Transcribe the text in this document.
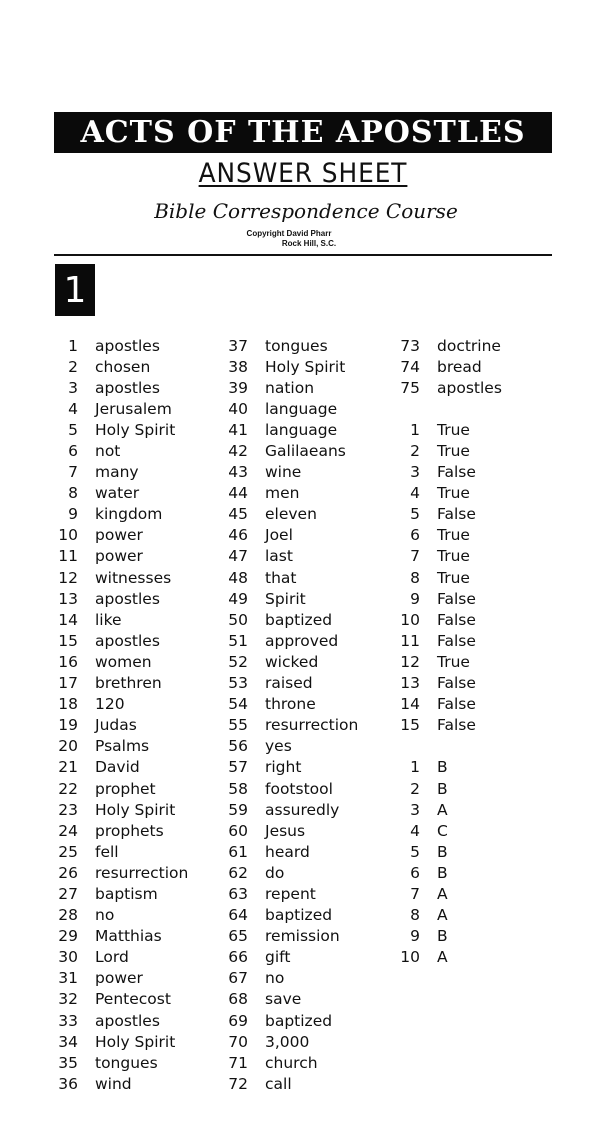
ACTS OF THE APOSTLES
ANSWER SHEET
Bible Correspondence Course
Copyright David Pharr
Rock Hill, S.C.
1
1 apostles
2 chosen
3 apostles
4 Jerusalem
5 Holy Spirit
6 not
7 many
8 water
9 kingdom
10 power
11 power
12 witnesses
13 apostles
14 like
15 apostles
16 women
17 brethren
18 120
19 Judas
20 Psalms
21 David
22 prophet
23 Holy Spirit
24 prophets
25 fell
26 resurrection
27 baptism
28 no
29 Matthias
30 Lord
31 power
32 Pentecost
33 apostles
34 Holy Spirit
35 tongues
36 wind
37 tongues
38 Holy Spirit
39 nation
40 language
41 language
42 Galilaeans
43 wine
44 men
45 eleven
46 Joel
47 last
48 that
49 Spirit
50 baptized
51 approved
52 wicked
53 raised
54 throne
55 resurrection
56 yes
57 right
58 footstool
59 assuredly
60 Jesus
61 heard
62 do
63 repent
64 baptized
65 remission
66 gift
67 no
68 save
69 baptized
70 3,000
71 church
72 call
73 doctrine
74 bread
75 apostles
1 True
2 True
3 False
4 True
5 False
6 True
7 True
8 True
9 False
10 False
11 False
12 True
13 False
14 False
15 False
1 B
2 B
3 A
4 C
5 B
6 B
7 A
8 A
9 B
10 A
